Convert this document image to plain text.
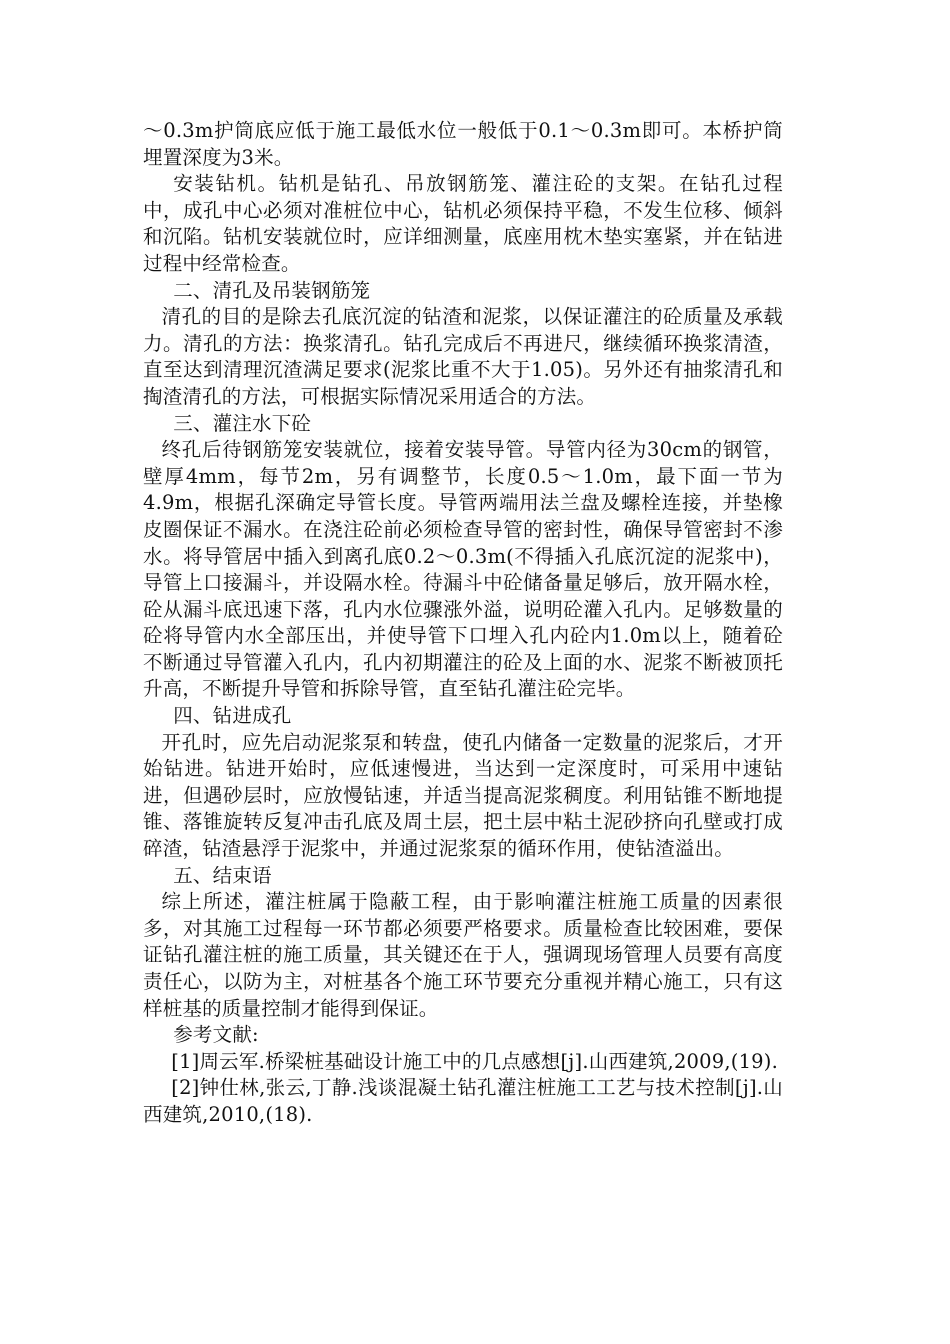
～0.3m护筒底应低于施工最低水位一般低于0.1～0.3m即可。本桥护筒埋置深度为3米。

安装钻机。钻机是钻孔、吊放钢筋笼、灌注砼的支架。在钻孔过程中，成孔中心必须对准桩位中心，钻机必须保持平稳，不发生位移、倾斜和沉陷。钻机安装就位时，应详细测量，底座用枕木垫实塞紧，并在钻进过程中经常检查。

二、清孔及吊装钢筋笼

清孔的目的是除去孔底沉淀的钻渣和泥浆，以保证灌注的砼质量及承载力。清孔的方法：换浆清孔。钻孔完成后不再进尺，继续循环换浆清渣，直至达到清理沉渣满足要求(泥浆比重不大于1.05)。另外还有抽浆清孔和掏渣清孔的方法，可根据实际情况采用适合的方法。

三、灌注水下砼

终孔后待钢筋笼安装就位，接着安装导管。导管内径为30cm的钢管，壁厚4mm，每节2m，另有调整节，长度0.5～1.0m，最下面一节为4.9m，根据孔深确定导管长度。导管两端用法兰盘及螺栓连接，并垫橡皮圈保证不漏水。在浇注砼前必须检查导管的密封性，确保导管密封不渗水。将导管居中插入到离孔底0.2～0.3m(不得插入孔底沉淀的泥浆中)，导管上口接漏斗，并设隔水栓。待漏斗中砼储备量足够后，放开隔水栓，砼从漏斗底迅速下落，孔内水位骤涨外溢，说明砼灌入孔内。足够数量的砼将导管内水全部压出，并使导管下口埋入孔内砼内1.0m以上，随着砼不断通过导管灌入孔内，孔内初期灌注的砼及上面的水、泥浆不断被顶托升高，不断提升导管和拆除导管，直至钻孔灌注砼完毕。

四、钻进成孔

开孔时，应先启动泥浆泵和转盘，使孔内储备一定数量的泥浆后，才开始钻进。钻进开始时，应低速慢进，当达到一定深度时，可采用中速钻进，但遇砂层时，应放慢钻速，并适当提高泥浆稠度。利用钻锥不断地提锥、落锥旋转反复冲击孔底及周土层，把土层中粘土泥砂挤向孔壁或打成碎渣，钻渣悬浮于泥浆中，并通过泥浆泵的循环作用，使钻渣溢出。

五、结束语

综上所述，灌注桩属于隐蔽工程，由于影响灌注桩施工质量的因素很多，对其施工过程每一环节都必须要严格要求。质量检查比较困难，要保证钻孔灌注桩的施工质量，其关键还在于人，强调现场管理人员要有高度责任心，以防为主，对桩基各个施工环节要充分重视并精心施工，只有这样桩基的质量控制才能得到保证。

参考文献:

[1]周云军.桥梁桩基础设计施工中的几点感想[j].山西建筑,2009,(19).

[2]钟仕林,张云,丁静.浅谈混凝土钻孔灌注桩施工工艺与技术控制[j].山西建筑,2010,(18).
